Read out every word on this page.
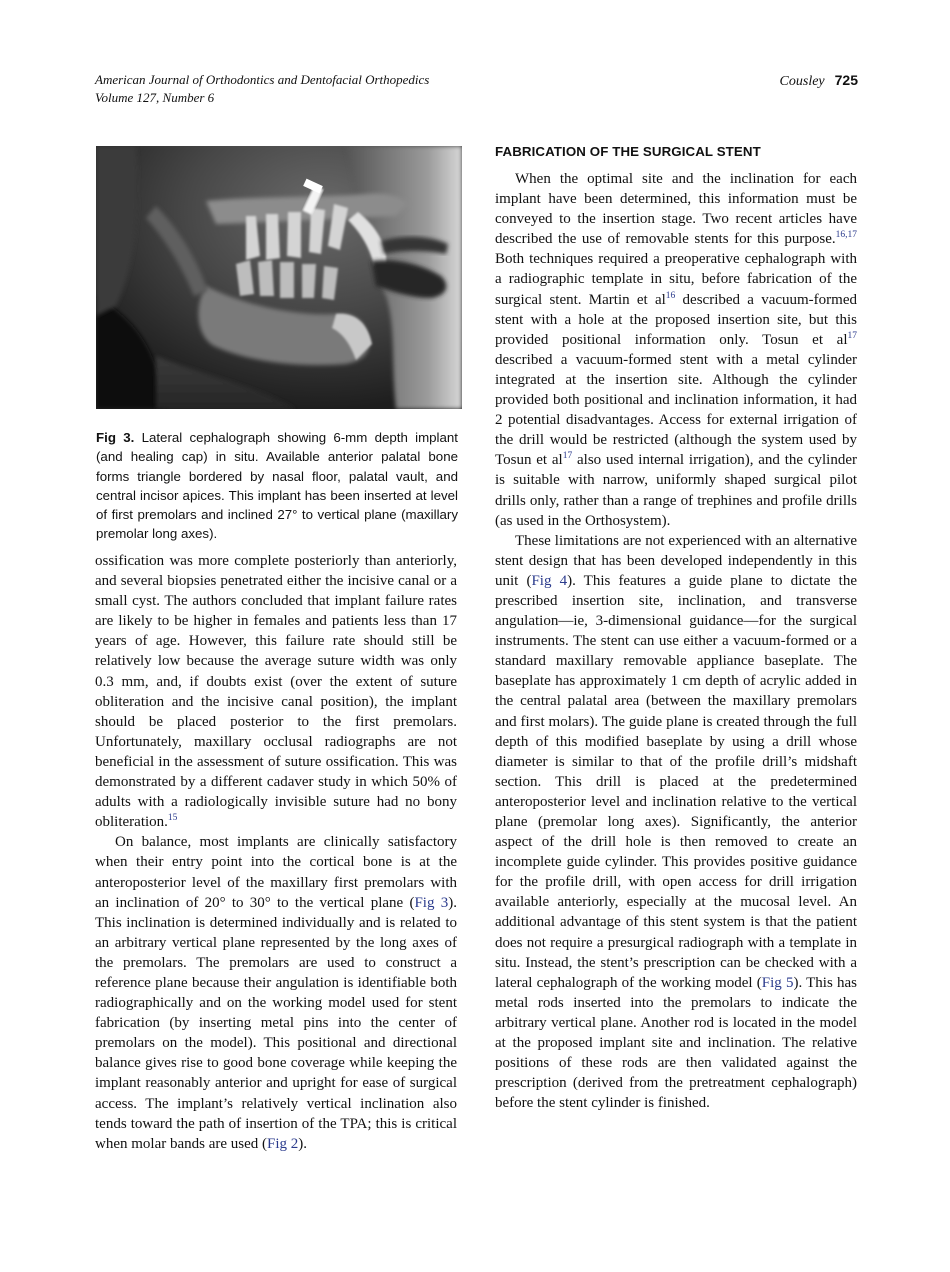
American Journal of Orthodontics and Dentofacial Orthopedics
Volume 127, Number 6
Cousley 725
Fig 3. Lateral cephalograph showing 6-mm depth implant (and healing cap) in situ. Available anterior palatal bone forms triangle bordered by nasal floor, palatal vault, and central incisor apices. This implant has been inserted at level of first premolars and inclined 27° to vertical plane (maxillary premolar long axes).

ossification was more complete posteriorly than anteriorly, and several biopsies penetrated either the incisive canal or a small cyst. The authors concluded that implant failure rates are likely to be higher in females and patients less than 17 years of age. However, this failure rate should still be relatively low because the average suture width was only 0.3 mm, and, if doubts exist (over the extent of suture obliteration and the incisive canal position), the implant should be placed posterior to the first premolars. Unfortunately, maxillary occlusal radiographs are not beneficial in the assessment of suture ossification. This was demonstrated by a different cadaver study in which 50% of adults with a radiologically invisible suture had no bony obliteration.$^{15}$

On balance, most implants are clinically satisfactory when their entry point into the cortical bone is at the anteroposterior level of the maxillary first premolars with an inclination of 20° to 30° to the vertical plane (Fig 3). This inclination is determined individually and is related to an arbitrary vertical plane represented by the long axes of the premolars. The premolars are used to construct a reference plane because their angulation is identifiable both radiographically and on the working model used for stent fabrication (by inserting metal pins into the center of premolars on the model). This positional and directional balance gives rise to good bone coverage while keeping the implant reasonably anterior and upright for ease of surgical access. The implant’s relatively vertical inclination also tends toward the path of insertion of the TPA; this is critical when molar bands are used (Fig 2).

FABRICATION OF THE SURGICAL STENT

When the optimal site and the inclination for each implant have been determined, this information must be conveyed to the insertion stage. Two recent articles have described the use of removable stents for this purpose.$^{16,17}$ Both techniques required a preoperative cephalograph with a radiographic template in situ, before fabrication of the surgical stent. Martin et $al^{16}$ described a vacuum-formed stent with a hole at the proposed insertion site, but this provided positional information only. Tosun et $al^{17}$ described a vacuum-formed stent with a metal cylinder integrated at the insertion site. Although the cylinder provided both positional and inclination information, it had 2 potential disadvantages. Access for external irrigation of the drill would be restricted (although the system used by Tosun et $al^{17}$ also used internal irrigation), and the cylinder is suitable with narrow, uniformly shaped surgical pilot drills only, rather than a range of trephines and profile drills (as used in the Orthosystem).

These limitations are not experienced with an alternative stent design that has been developed independently in this unit (Fig 4). This features a guide plane to dictate the prescribed insertion site, inclination, and transverse angulation—ie, 3-dimensional guidance—for the surgical instruments. The stent can use either a vacuum-formed or a standard maxillary removable appliance baseplate. The baseplate has approximately 1 cm depth of acrylic added in the central palatal area (between the maxillary premolars and first molars). The guide plane is created through the full depth of this modified baseplate by using a drill whose diameter is similar to that of the profile drill’s midshaft section. This drill is placed at the predetermined anteroposterior level and inclination relative to the vertical plane (premolar long axes). Significantly, the anterior aspect of the drill hole is then removed to create an incomplete guide cylinder. This provides positive guidance for the profile drill, with open access for drill irrigation available anteriorly, especially at the mucosal level. An additional advantage of this stent system is that the patient does not require a presurgical radiograph with a template in situ. Instead, the stent’s prescription can be checked with a lateral cephalograph of the working model (Fig 5). This has metal rods inserted into the premolars to indicate the arbitrary vertical plane. Another rod is located in the model at the proposed implant site and inclination. The relative positions of these rods are then validated against the prescription (derived from the pretreatment cephalograph) before the stent cylinder is finished.
